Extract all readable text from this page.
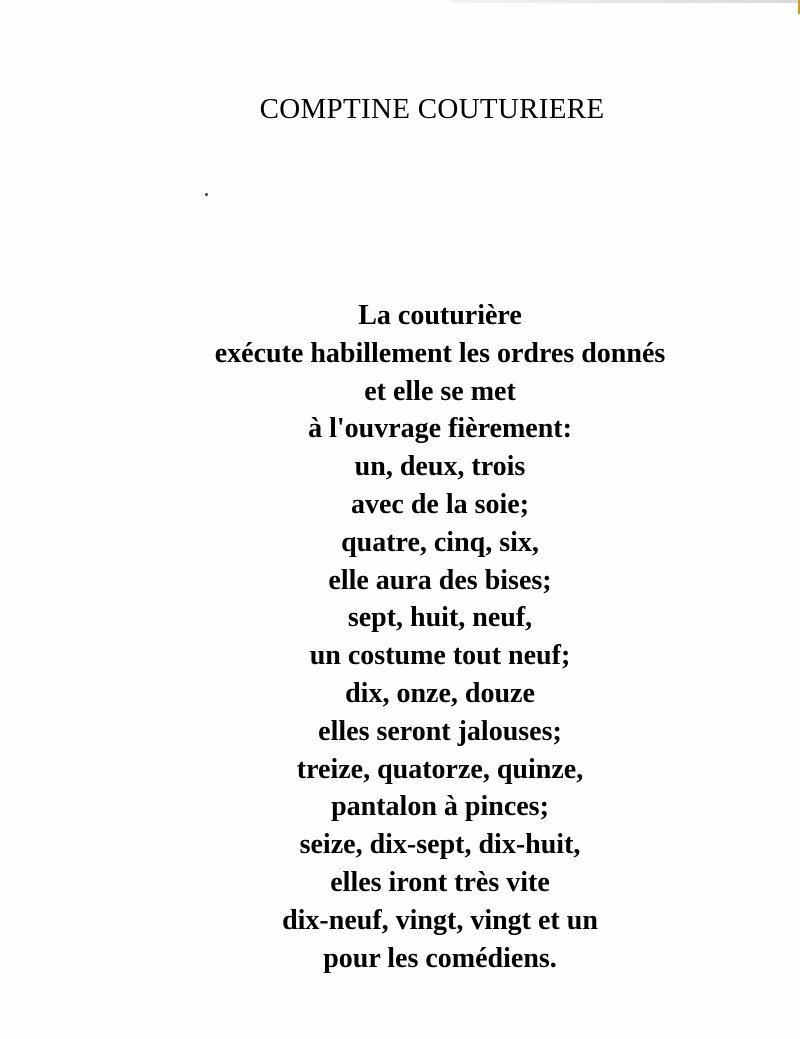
COMPTINE COUTURIERE
La couturière
exécute habillement les ordres donnés
et elle se met
à l'ouvrage fièrement:
un, deux, trois
avec de la soie;
quatre, cinq, six,
elle aura des bises;
sept, huit, neuf,
un costume tout neuf;
dix, onze, douze
elles seront jalouses;
treize, quatorze, quinze,
pantalon à pinces;
seize, dix-sept, dix-huit,
elles iront très vite
dix-neuf, vingt, vingt et un
pour les comédiens.
